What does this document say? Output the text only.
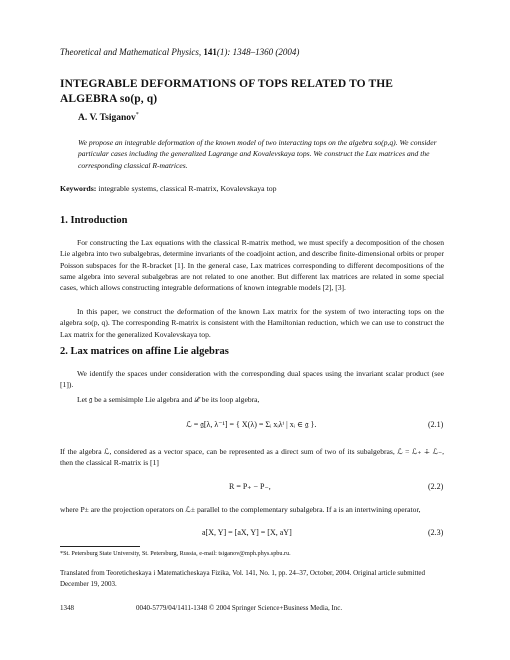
Theoretical and Mathematical Physics, 141(1): 1348–1360 (2004)
INTEGRABLE DEFORMATIONS OF TOPS RELATED TO THE
ALGEBRA so(p, q)
A. V. Tsiganov*
We propose an integrable deformation of the known model of two interacting tops on the algebra so(p,q). We consider particular cases including the generalized Lagrange and Kovalevskaya tops. We construct the Lax matrices and the corresponding classical R-matrices.
Keywords: integrable systems, classical R-matrix, Kovalevskaya top
1. Introduction
For constructing the Lax equations with the classical R-matrix method, we must specify a decomposition of the chosen Lie algebra into two subalgebras, determine invariants of the coadjoint action, and describe finite-dimensional orbits or proper Poisson subspaces for the R-bracket [1]. In the general case, Lax matrices corresponding to different decompositions of the same algebra into several subalgebras are not related to one another. But different lax matrices are related in some special cases, which allows constructing integrable deformations of known integrable models [2], [3].
In this paper, we construct the deformation of the known Lax matrix for the system of two interacting tops on the algebra so(p, q). The corresponding R-matrix is consistent with the Hamiltonian reduction, which we can use to construct the Lax matrix for the generalized Kovalevskaya top.
2. Lax matrices on affine Lie algebras
We identify the spaces under consideration with the corresponding dual spaces using the invariant scalar product (see [1]).
Let 𝔤 be a semisimple Lie algebra and ℒ be its loop algebra,
ℒ = 𝔤[λ, λ⁻¹] = { X(λ) = Σᵢ xᵢλⁱ | xᵢ ∈ 𝔤 }.	(2.1)
If the algebra ℒ, considered as a vector space, can be represented as a direct sum of two of its subalgebras, ℒ = ℒ₊ ∔ ℒ₋, then the classical R-matrix is [1]
R = P₊ − P₋,	(2.2)
where P± are the projection operators on ℒ± parallel to the complementary subalgebra. If a is an intertwining operator,
a[X, Y] = [aX, Y] = [X, aY]	(2.3)
*St. Petersburg State University, St. Petersburg, Russia, e-mail: tsiganov@mph.phys.spbu.ru.
Translated from Teoreticheskaya i Matematicheskaya Fizika, Vol. 141, No. 1, pp. 24–37, October, 2004. Original article submitted December 19, 2003.
1348	0040-5779/04/1411-1348 © 2004 Springer Science+Business Media, Inc.
